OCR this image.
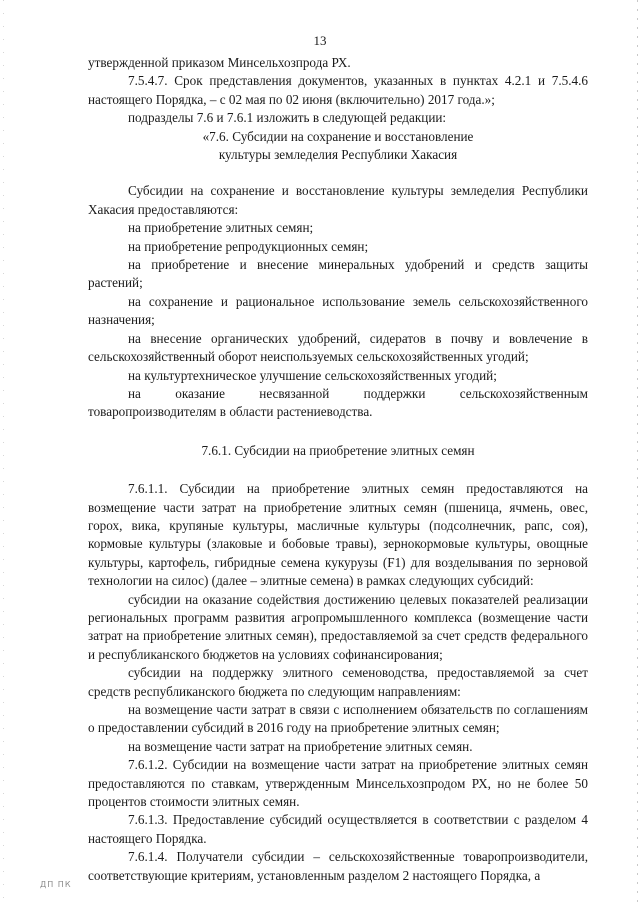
13

утвержденной приказом Минсельхозпрода РХ.

7.5.4.7. Срок представления документов, указанных в пунктах 4.2.1 и 7.5.4.6 настоящего Порядка, – с 02 мая по 02 июня (включительно) 2017 года.»;

подразделы 7.6 и 7.6.1 изложить в следующей редакции:

«7.6. Субсидии на сохранение и восстановление

культуры земледелия Республики Хакасия

Субсидии на сохранение и восстановление культуры земледелия Республики Хакасия предоставляются:

на приобретение элитных семян;

на приобретение репродукционных семян;

на приобретение и внесение минеральных удобрений и средств защиты растений;

на сохранение и рациональное использование земель сельскохозяйственного назначения;

на внесение органических удобрений, сидератов в почву и вовлечение в сельскохозяйственный оборот неиспользуемых сельскохозяйственных угодий;

на культуртехническое улучшение сельскохозяйственных угодий;

на оказание несвязанной поддержки сельскохозяйственным товаропроизводителям в области растениеводства.

7.6.1. Субсидии на приобретение элитных семян

7.6.1.1. Субсидии на приобретение элитных семян предоставляются на возмещение части затрат на приобретение элитных семян (пшеница, ячмень, овес, горох, вика, крупяные культуры, масличные культуры (подсолнечник, рапс, соя), кормовые культуры (злаковые и бобовые травы), зернокормовые культуры, овощные культуры, картофель, гибридные семена кукурузы (F1) для возделывания по зерновой технологии на силос) (далее – элитные семена) в рамках следующих субсидий:

субсидии на оказание содействия достижению целевых показателей реализации региональных программ развития агропромышленного комплекса (возмещение части затрат на приобретение элитных семян), предоставляемой за счет средств федерального и республиканского бюджетов на условиях софинансирования;

субсидии на поддержку элитного семеноводства, предоставляемой за счет средств республиканского бюджета по следующим направлениям:

на возмещение части затрат в связи с исполнением обязательств по соглашениям о предоставлении субсидий в 2016 году на приобретение элитных семян;

на возмещение части затрат на приобретение элитных семян.

7.6.1.2. Субсидии на возмещение части затрат на приобретение элитных семян предоставляются по ставкам, утвержденным Минсельхозпродом РХ, но не более 50 процентов стоимости элитных семян.

7.6.1.3. Предоставление субсидий осуществляется в соответствии с разделом 4 настоящего Порядка.

7.6.1.4. Получатели субсидии – сельскохозяйственные товаропроизводители, соответствующие критериям, установленным разделом 2 настоящего Порядка, а

ДП ПК
